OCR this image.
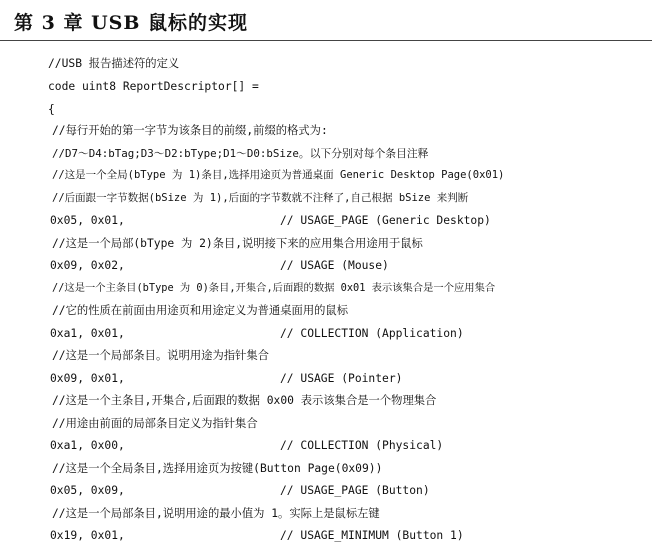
第 3 章 USB 鼠标的实现
//USB 报告描述符的定义
code uint8 ReportDescriptor[] =
{
//每行开始的第一字节为该条目的前缀,前缀的格式为:
//D7～D4:bTag;D3～D2:bType;D1～D0:bSize。以下分别对每个条目注释
//这是一个全局(bType 为 1)条目,选择用途页为普通桌面 Generic Desktop Page(0x01)
//后面跟一字节数据(bSize 为 1),后面的字节数就不注释了,自己根据 bSize 来判断
0x05, 0x01,	// USAGE_PAGE (Generic Desktop)
//这是一个局部(bType 为 2)条目,说明接下来的应用集合用途用于鼠标
0x09, 0x02,	// USAGE (Mouse)
//这是一个主条目(bType 为 0)条目,开集合,后面跟的数据 0x01 表示该集合是一个应用集合
//它的性质在前面由用途页和用途定义为普通桌面用的鼠标
0xa1, 0x01,	// COLLECTION (Application)
//这是一个局部条目。说明用途为指针集合
0x09, 0x01,	// USAGE (Pointer)
//这是一个主条目,开集合,后面跟的数据 0x00 表示该集合是一个物理集合
//用途由前面的局部条目定义为指针集合
0xa1, 0x00,	// COLLECTION (Physical)
//这是一个全局条目,选择用途页为按键(Button Page(0x09))
0x05, 0x09,	// USAGE_PAGE (Button)
//这是一个局部条目,说明用途的最小值为 1。实际上是鼠标左键
0x19, 0x01,	// USAGE_MINIMUM (Button 1)
